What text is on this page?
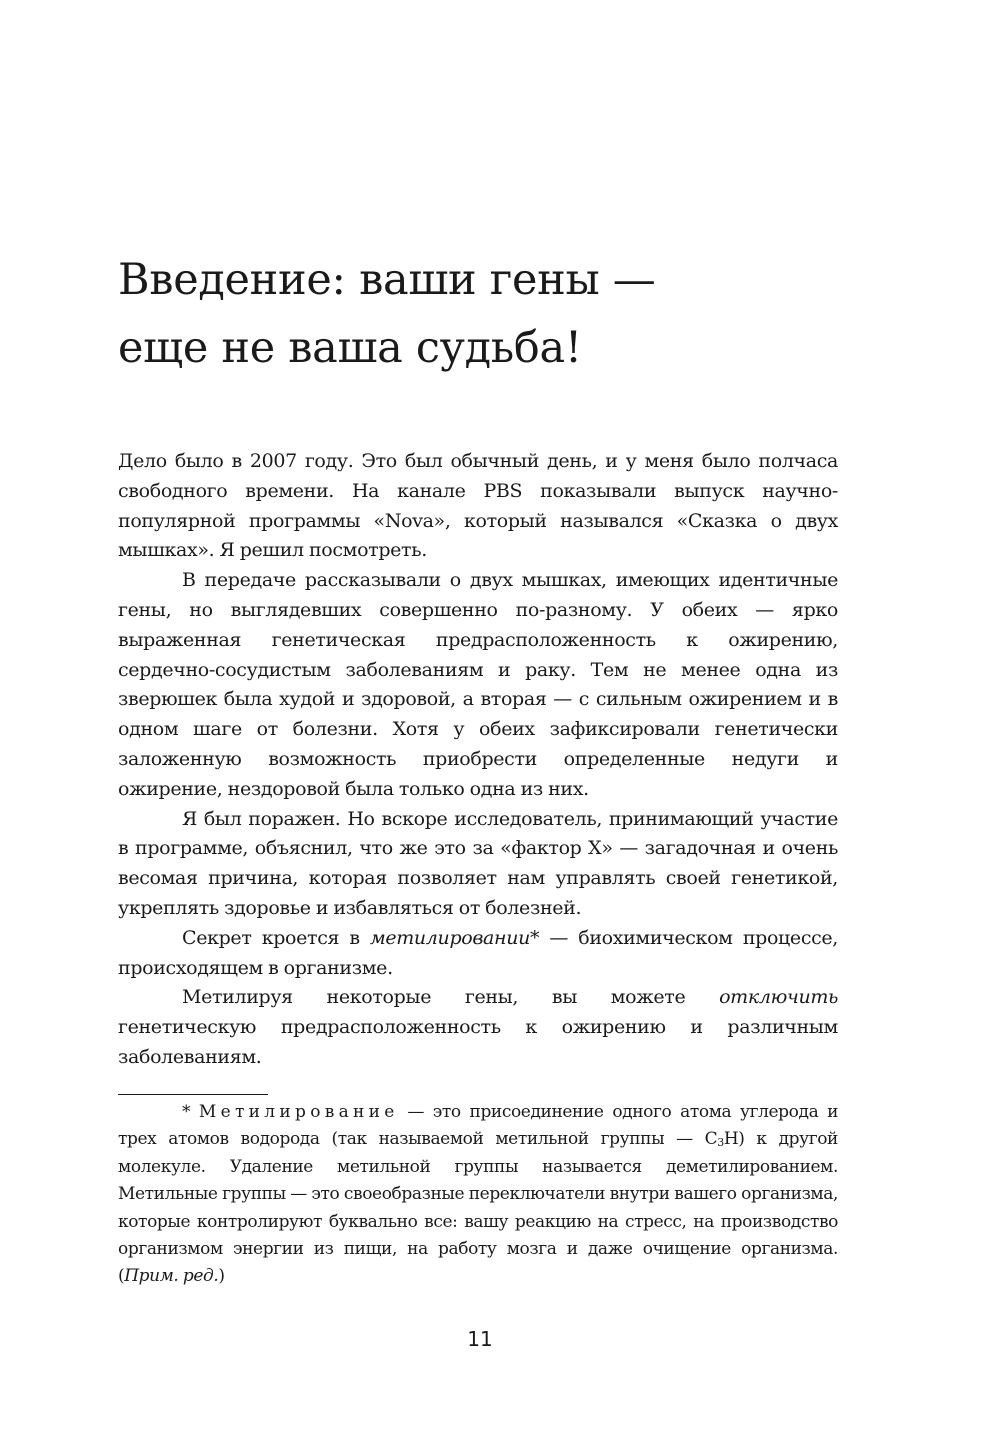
Введение: ваши гены —
еще не ваша судьба!

Дело было в 2007 году. Это был обычный день, и у меня было полчаса свободного времени. На канале PBS показывали выпуск научно-популярной программы «Nova», который назывался «Сказка о двух мышках». Я решил посмотреть.

В передаче рассказывали о двух мышках, имеющих идентичные гены, но выглядевших совершенно по-разному. У обеих — ярко выраженная генетическая предрасположенность к ожирению, сердечно-сосудистым заболеваниям и раку. Тем не менее одна из зверюшек была худой и здоровой, а вторая — с сильным ожирением и в одном шаге от болезни. Хотя у обеих зафиксировали генетически заложенную возможность приобрести определенные недуги и ожирение, нездоровой была только одна из них.

Я был поражен. Но вскоре исследователь, принимающий участие в программе, объяснил, что же это за «фактор X» — загадочная и очень весомая причина, которая позволяет нам управлять своей генетикой, укреплять здоровье и избавляться от болезней.

Секрет кроется в метилировании* — биохимическом процессе, происходящем в организме.

Метилируя некоторые гены, вы можете отключить генетическую предрасположенность к ожирению и различным заболеваниям.

* Метилирование — это присоединение одного атома углерода и трех атомов водорода (так называемой метильной группы — $C_3H$) к другой молекуле. Удаление метильной группы называется деметилированием. Метильные группы — это своеобразные переключатели внутри вашего организма, которые контролируют буквально все: вашу реакцию на стресс, на производство организмом энергии из пищи, на работу мозга и даже очищение организма. (Прим. ред.)

11
